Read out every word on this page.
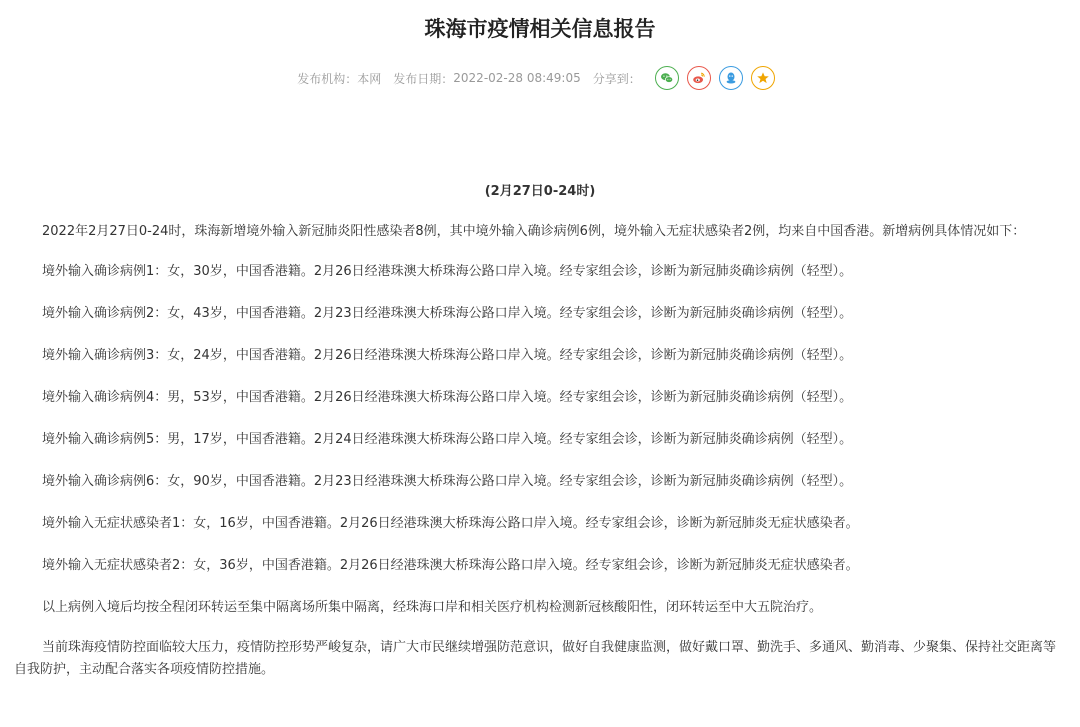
珠海市疫情相关信息报告
发布机构： 本网 发布日期： 2022-02-28 08:49:05 分享到：
(2月27日0-24时)

2022年2月27日0-24时，珠海新增境外输入新冠肺炎阳性感染者8例，其中境外输入确诊病例6例，境外输入无症状感染者2例，均来自中国香港。新增病例具体情况如下：

境外输入确诊病例1：女，30岁，中国香港籍。2月26日经港珠澳大桥珠海公路口岸入境。经专家组会诊，诊断为新冠肺炎确诊病例（轻型）。

境外输入确诊病例2：女，43岁，中国香港籍。2月23日经港珠澳大桥珠海公路口岸入境。经专家组会诊，诊断为新冠肺炎确诊病例（轻型）。

境外输入确诊病例3：女，24岁，中国香港籍。2月26日经港珠澳大桥珠海公路口岸入境。经专家组会诊，诊断为新冠肺炎确诊病例（轻型）。

境外输入确诊病例4：男，53岁，中国香港籍。2月26日经港珠澳大桥珠海公路口岸入境。经专家组会诊，诊断为新冠肺炎确诊病例（轻型）。

境外输入确诊病例5：男，17岁，中国香港籍。2月24日经港珠澳大桥珠海公路口岸入境。经专家组会诊，诊断为新冠肺炎确诊病例（轻型）。

境外输入确诊病例6：女，90岁，中国香港籍。2月23日经港珠澳大桥珠海公路口岸入境。经专家组会诊，诊断为新冠肺炎确诊病例（轻型）。

境外输入无症状感染者1：女，16岁，中国香港籍。2月26日经港珠澳大桥珠海公路口岸入境。经专家组会诊，诊断为新冠肺炎无症状感染者。

境外输入无症状感染者2：女，36岁，中国香港籍。2月26日经港珠澳大桥珠海公路口岸入境。经专家组会诊，诊断为新冠肺炎无症状感染者。

以上病例入境后均按全程闭环转运至集中隔离场所集中隔离，经珠海口岸和相关医疗机构检测新冠核酸阳性，闭环转运至中大五院治疗。

当前珠海疫情防控面临较大压力，疫情防控形势严峻复杂，请广大市民继续增强防范意识，做好自我健康监测，做好戴口罩、勤洗手、多通风、勤消毒、少聚集、保持社交距离等自我防护，主动配合落实各项疫情防控措施。
